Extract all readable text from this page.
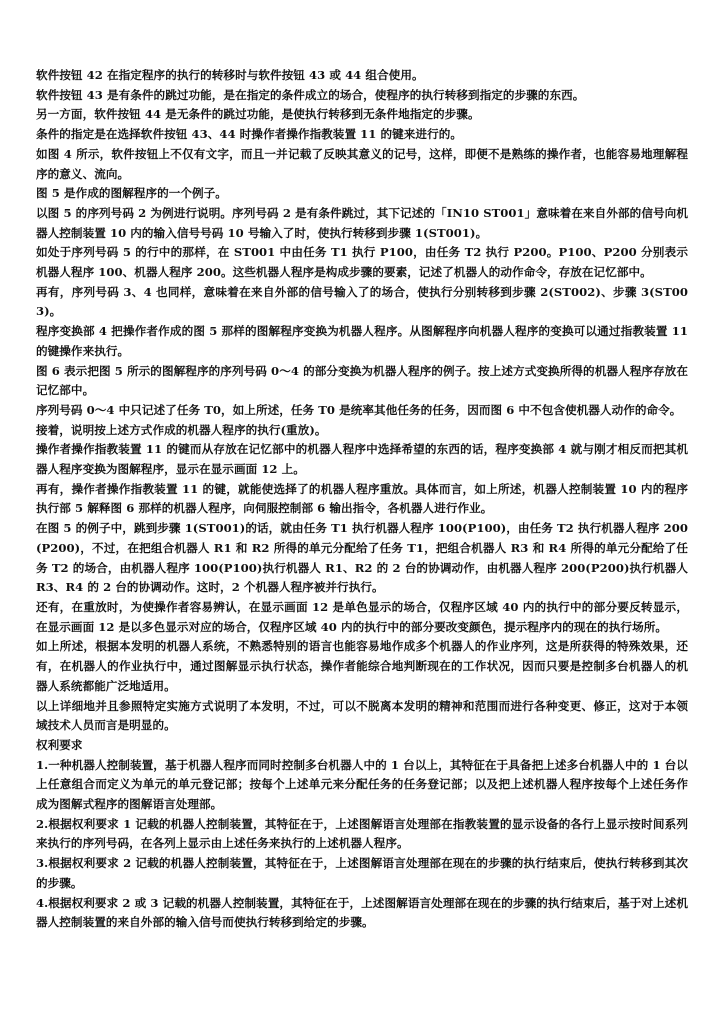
软件按钮 42 在指定程序的执行的转移时与软件按钮 43 或 44 组合使用。

软件按钮 43 是有条件的跳过功能，是在指定的条件成立的场合，使程序的执行转移到指定的步骤的东西。

另一方面，软件按钮 44 是无条件的跳过功能，是使执行转移到无条件地指定的步骤。

条件的指定是在选择软件按钮 43、44 时操作者操作指教装置 11 的键来进行的。

如图 4 所示，软件按钮上不仅有文字，而且一并记载了反映其意义的记号，这样，即便不是熟练的操作者，也能容易地理解程序的意义、流向。

图 5 是作成的图解程序的一个例子。

以图 5 的序列号码 2 为例进行说明。序列号码 2 是有条件跳过，其下记述的「IN10 ST001」意味着在来自外部的信号向机器人控制装置 10 内的输入信号号码 10 号输入了时，使执行转移到步骤 1(ST001)。

如处于序列号码 5 的行中的那样，在 ST001 中由任务 T1 执行 P100，由任务 T2 执行 P200。P100、P200 分别表示机器人程序 100、机器人程序 200。这些机器人程序是构成步骤的要素，记述了机器人的动作命令，存放在记忆部中。

再有，序列号码 3、4 也同样，意味着在来自外部的信号输入了的场合，使执行分别转移到步骤 2(ST002)、步骤 3(ST003)。

程序变换部 4 把操作者作成的图 5 那样的图解程序变换为机器人程序。从图解程序向机器人程序的变换可以通过指教装置 11 的键操作来执行。

图 6 表示把图 5 所示的图解程序的序列号码 0～4 的部分变换为机器人程序的例子。按上述方式变换所得的机器人程序存放在记忆部中。

序列号码 0～4 中只记述了任务 T0，如上所述，任务 T0 是统率其他任务的任务，因而图 6 中不包含使机器人动作的命令。

接着，说明按上述方式作成的机器人程序的执行(重放)。

操作者操作指教装置 11 的键而从存放在记忆部中的机器人程序中选择希望的东西的话，程序变换部 4 就与刚才相反而把其机器人程序变换为图解程序，显示在显示画面 12 上。

再有，操作者操作指教装置 11 的键，就能使选择了的机器人程序重放。具体而言，如上所述，机器人控制装置 10 内的程序执行部 5 解释图 6 那样的机器人程序，向伺服控制部 6 输出指令，各机器人进行作业。

在图 5 的例子中，跳到步骤 1(ST001)的话，就由任务 T1 执行机器人程序 100(P100)，由任务 T2 执行机器人程序 200(P200)，不过，在把组合机器人 R1 和 R2 所得的单元分配给了任务 T1，把组合机器人 R3 和 R4 所得的单元分配给了任务 T2 的场合，由机器人程序 100(P100)执行机器人 R1、R2 的 2 台的协调动作，由机器人程序 200(P200)执行机器人 R3、R4 的 2 台的协调动作。这时，2 个机器人程序被并行执行。

还有，在重放时，为使操作者容易辨认，在显示画面 12 是单色显示的场合，仅程序区域 40 内的执行中的部分要反转显示，在显示画面 12 是以多色显示对应的场合，仅程序区域 40 内的执行中的部分要改变颜色，提示程序内的现在的执行场所。

如上所述，根据本发明的机器人系统，不熟悉特别的语言也能容易地作成多个机器人的作业序列，这是所获得的特殊效果，还有，在机器人的作业执行中，通过图解显示执行状态，操作者能综合地判断现在的工作状况，因而只要是控制多台机器人的机器人系统都能广泛地适用。

以上详细地并且参照特定实施方式说明了本发明，不过，可以不脱离本发明的精神和范围而进行各种变更、修正，这对于本领域技术人员而言是明显的。

权利要求

1.一种机器人控制装置，基于机器人程序而同时控制多台机器人中的 1 台以上，其特征在于具备把上述多台机器人中的 1 台以上任意组合而定义为单元的单元登记部；按每个上述单元来分配任务的任务登记部；以及把上述机器人程序按每个上述任务作成为图解式程序的图解语言处理部。

2.根据权利要求 1 记载的机器人控制装置，其特征在于，上述图解语言处理部在指教装置的显示设备的各行上显示按时间系列来执行的序列号码，在各列上显示由上述任务来执行的上述机器人程序。

3.根据权利要求 2 记载的机器人控制装置，其特征在于，上述图解语言处理部在现在的步骤的执行结束后，使执行转移到其次的步骤。

4.根据权利要求 2 或 3 记载的机器人控制装置，其特征在于，上述图解语言处理部在现在的步骤的执行结束后，基于对上述机器人控制装置的来自外部的输入信号而使执行转移到给定的步骤。
